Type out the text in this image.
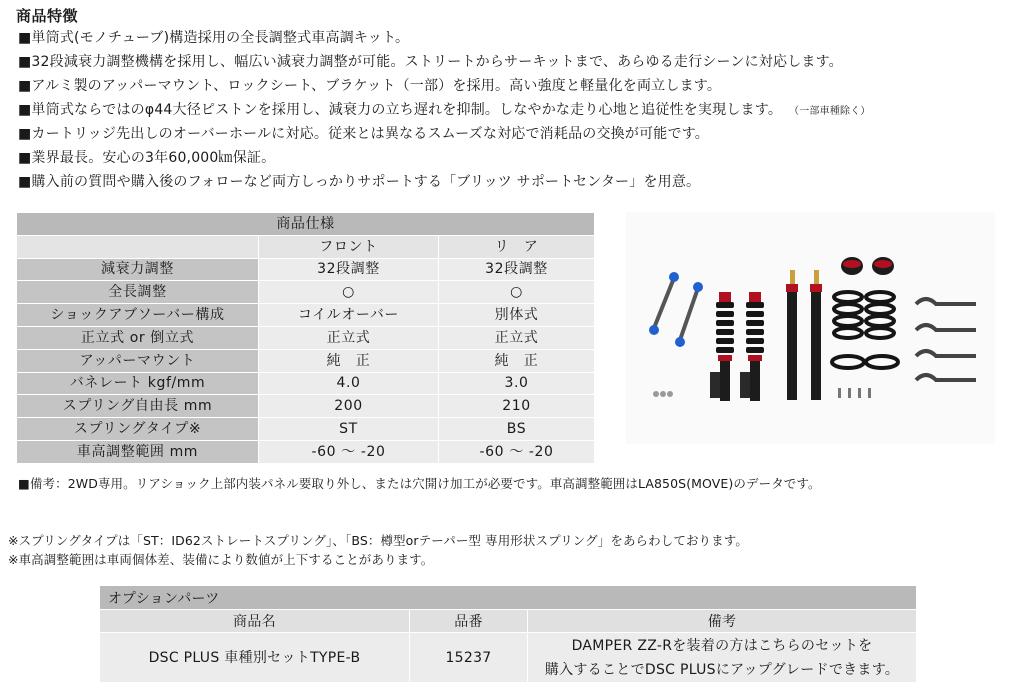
商品特徴
■単筒式(モノチューブ)構造採用の全長調整式車高調キット。
■32段減衰力調整機構を採用し、幅広い減衰力調整が可能。ストリートからサーキットまで、あらゆる走行シーンに対応します。
■アルミ製のアッパーマウント、ロックシート、ブラケット（一部）を採用。高い強度と軽量化を両立します。
■単筒式ならではのφ44大径ピストンを採用し、減衰力の立ち遅れを抑制。しなやかな走り心地と追従性を実現します。 （一部車種除く）
■カートリッジ先出しのオーバーホールに対応。従来とは異なるスムーズな対応で消耗品の交換が可能です。
■業界最長。安心の3年60,000㎞保証。
■購入前の質問や購入後のフォローなど両方しっかりサポートする「ブリッツ サポートセンター」を用意。
商品仕様		
	フロント	リ　ア
減衰力調整	32段調整	32段調整
全長調整	○	○
ショックアブソーバー構成	コイルオーバー	別体式
正立式 or 倒立式	正立式	正立式
アッパーマウント	純　正	純　正
バネレート kgf/mm	4.0	3.0
スプリング自由長 mm	200	210
スプリングタイプ※	ST	BS
車高調整範囲 mm	-60 ～ -20	-60 ～ -20
■備考：2WD専用。リアショック上部内装パネル要取り外し、または穴開け加工が必要です。車高調整範囲はLA850S(MOVE)のデータです。
※スプリングタイプは「ST：ID62ストレートスプリング」、「BS：樽型orテーパー型 専用形状スプリング」をあらわしております。
※車高調整範囲は車両個体差、装備により数値が上下することがあります。
オプションパーツ		
商品名	品番	備考
DSC PLUS 車種別セットTYPE-B	15237	DAMPER ZZ-Rを装着の方はこちらのセットを
購入することでDSC PLUSにアップグレードできます。
